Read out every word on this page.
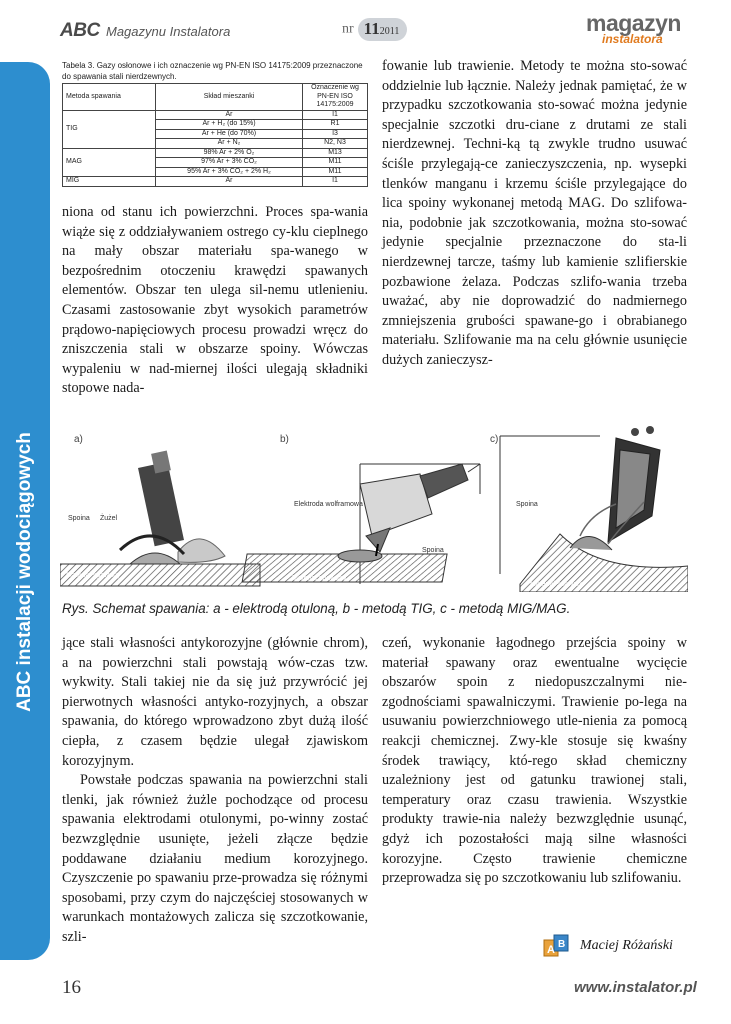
ABC Magazynu Instalatora	nr 112011	magazyn
instalatora
ABC instalacji wodociągowych
Tabela 3. Gazy osłonowe i ich oznaczenie wg PN-EN ISO 14175:2009 przeznaczone do spawania stali nierdzewnych.
Metoda spawania	Skład mieszanki	Oznaczenie wg PN-EN ISO 14175:2009
TIG	Ar	I1
	Ar + H₂ (do 15%)	R1
	Ar + He (do 70%)	I3
	Ar + N₂	N2, N3
MAG	98% Ar + 2% O₂	M13
	97% Ar + 3% CO₂	M11
	95% Ar + 3% CO₂ + 2% H₂	M11
MIG	Ar	I1

niona od stanu ich powierzchni. Proces spa-wania wiąże się z oddziaływaniem ostrego cy-klu cieplnego na mały obszar materiału spa-wanego w bezpośrednim otoczeniu krawędzi spawanych elementów. Obszar ten ulega sil-nemu utlenieniu. Czasami zastosowanie zbyt wysokich parametrów prądowo-napięciowych procesu prowadzi wręcz do zniszczenia stali w obszarze spoiny. Wówczas wypaleniu w nad-miernej ilości ulegają składniki stopowe nada-

fowanie lub trawienie. Metody te można sto-sować oddzielnie lub łącznie. Należy jednak pamiętać, że w przypadku szczotkowania sto-sować można jedynie specjalnie szczotki dru-ciane z drutami ze stali nierdzewnej. Techni-ką tą zwykle trudno usuwać ściśle przylegają-ce zanieczyszczenia, np. wysepki tlenków manganu i krzemu ściśle przylegające do lica spoiny wykonanej metodą MAG. Do szlifowa-nia, podobnie jak szczotkowania, można sto-sować jedynie specjalnie przeznaczone do sta-li nierdzewnej tarcze, taśmy lub kamienie szlifierskie pozbawione żelaza. Podczas szlifo-wania trzeba uważać, aby nie doprowadzić do nadmiernego zmniejszenia grubości spawane-go i obrabianego materiału. Szlifowanie ma na celu głównie usunięcie dużych zanieczysz-

a)
Spoina Żużel
Materiał spawany
b)
Elektroda wolframowa
Spoina
Materiał spawany
c)
Spoina
Materiał spawany
Rys. Schemat spawania: a - elektrodą otuloną, b - metodą TIG, c - metodą MIG/MAG.

jące stali własności antykorozyjne (głównie chrom), a na powierzchni stali powstają wów-czas tzw. wykwity. Stali takiej nie da się już przywrócić jej pierwotnych własności antyko-rozyjnych, a obszar spawania, do którego wprowadzono zbyt dużą ilość ciepła, z czasem będzie ulegał zjawiskom korozyjnym.

Powstałe podczas spawania na powierzchni stali tlenki, jak również żużle pochodzące od procesu spawania elektrodami otulonymi, po-winny zostać bezwzględnie usunięte, jeżeli złącze będzie poddawane działaniu medium korozyjnego. Czyszczenie po spawaniu prze-prowadza się różnymi sposobami, przy czym do najczęściej stosowanych w warunkach montażowych zalicza się szczotkowanie, szli-

czeń, wykonanie łagodnego przejścia spoiny w materiał spawany oraz ewentualne wycięcie obszarów spoin z niedopuszczalnymi nie-zgodnościami spawalniczymi. Trawienie po-lega na usuwaniu powierzchniowego utle-nienia za pomocą reakcji chemicznej. Zwy-kle stosuje się kwaśny środek trawiący, któ-rego skład chemiczny uzależniony jest od gatunku trawionej stali, temperatury oraz czasu trawienia. Wszystkie produkty trawie-nia należy bezwzględnie usunąć, gdyż ich pozostałości mają silne własności korozyjne. Często trawienie chemiczne przeprowadza się po szczotkowaniu lub szlifowaniu.

A B Maciej Różański
16	www.instalator.pl
